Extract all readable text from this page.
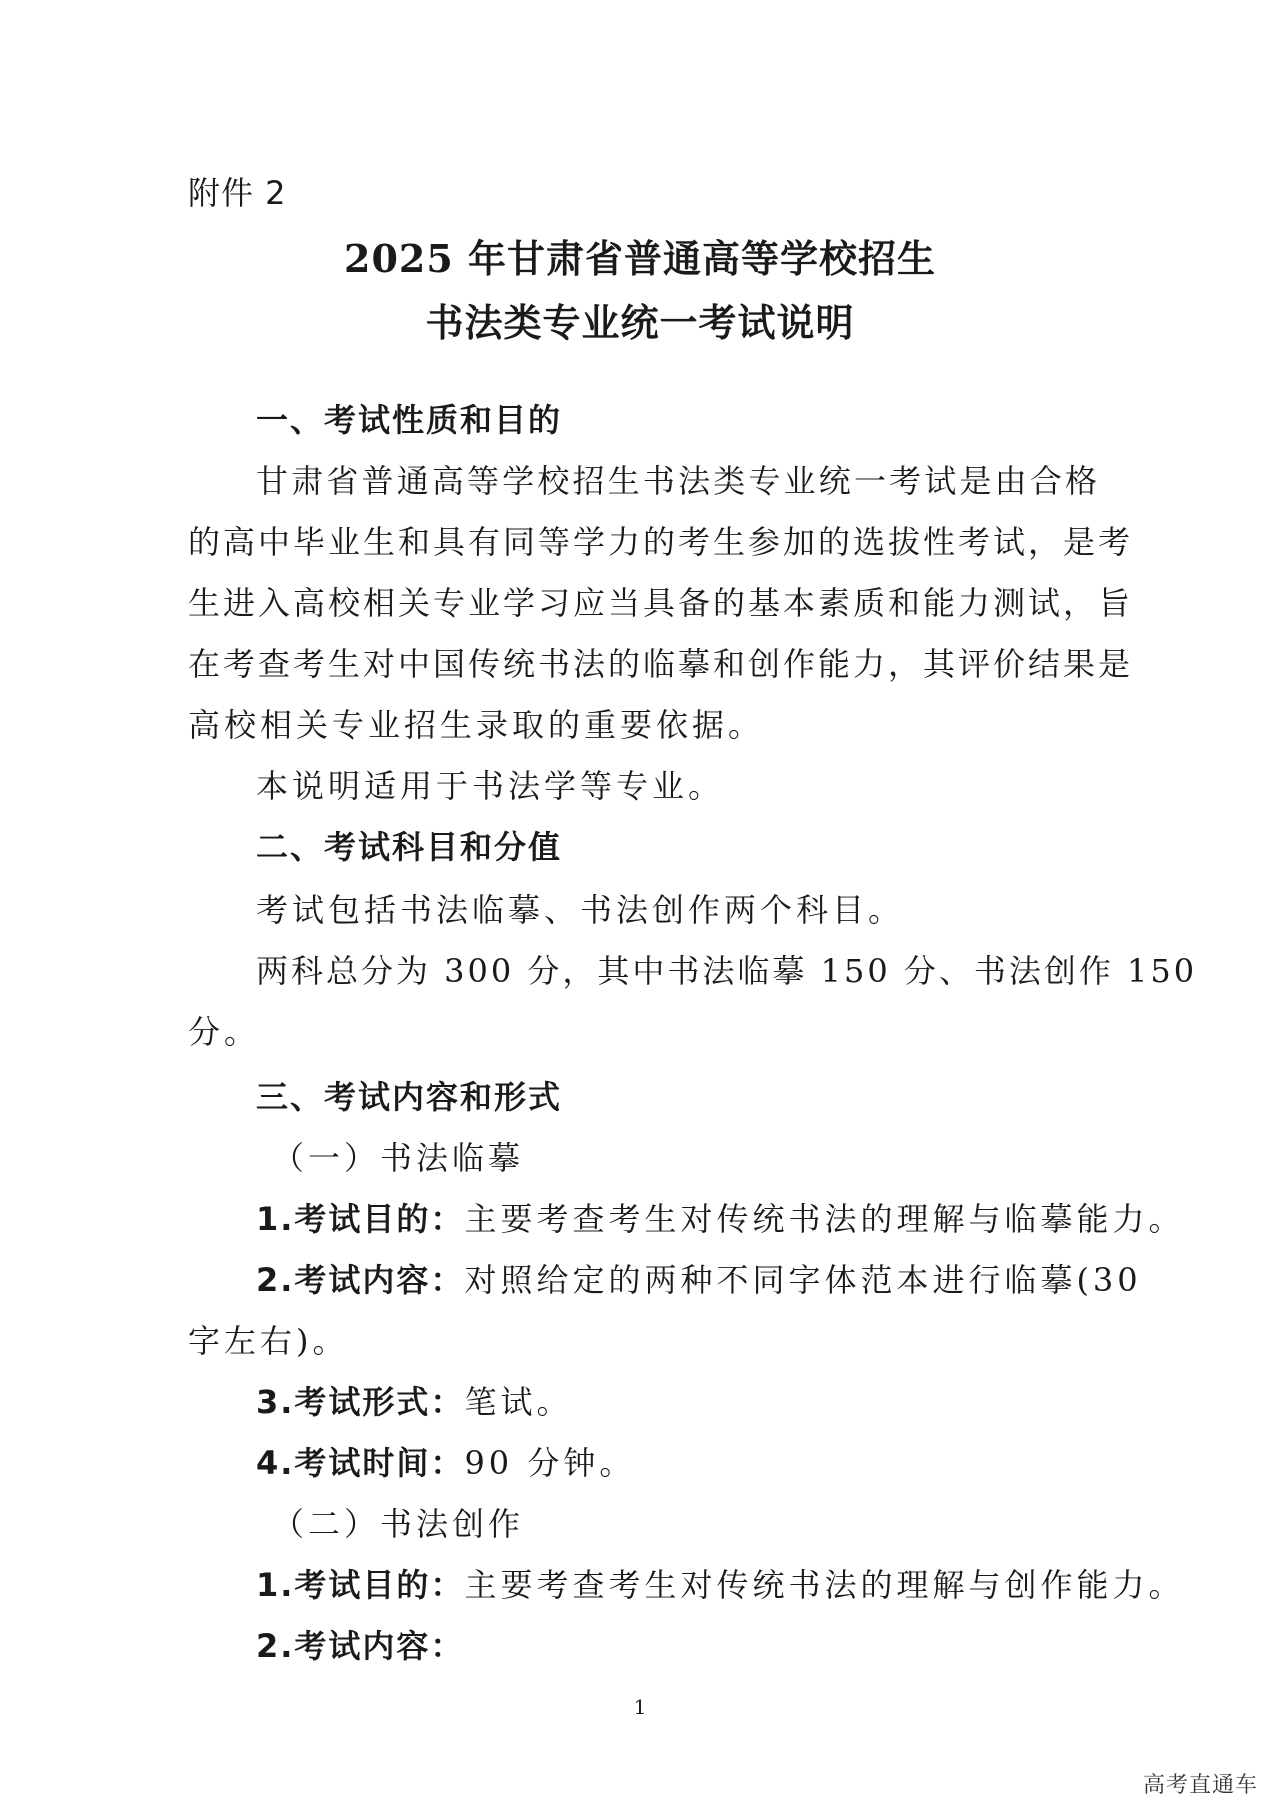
附件 2
2025 年甘肃省普通高等学校招生
书法类专业统一考试说明
一、考试性质和目的
甘肃省普通高等学校招生书法类专业统一考试是由合格
的高中毕业生和具有同等学力的考生参加的选拔性考试，是考
生进入高校相关专业学习应当具备的基本素质和能力测试，旨
在考查考生对中国传统书法的临摹和创作能力，其评价结果是
高校相关专业招生录取的重要依据。
本说明适用于书法学等专业。
二、考试科目和分值
考试包括书法临摹、书法创作两个科目。
两科总分为 300 分，其中书法临摹 150 分、书法创作 150
分。
三、考试内容和形式
（一）书法临摹
1.考试目的：主要考查考生对传统书法的理解与临摹能力。
2.考试内容：对照给定的两种不同字体范本进行临摹(30
字左右)。
3.考试形式：笔试。
4.考试时间：90 分钟。
（二）书法创作
1.考试目的：主要考查考生对传统书法的理解与创作能力。
2.考试内容：
1
高考直通车
